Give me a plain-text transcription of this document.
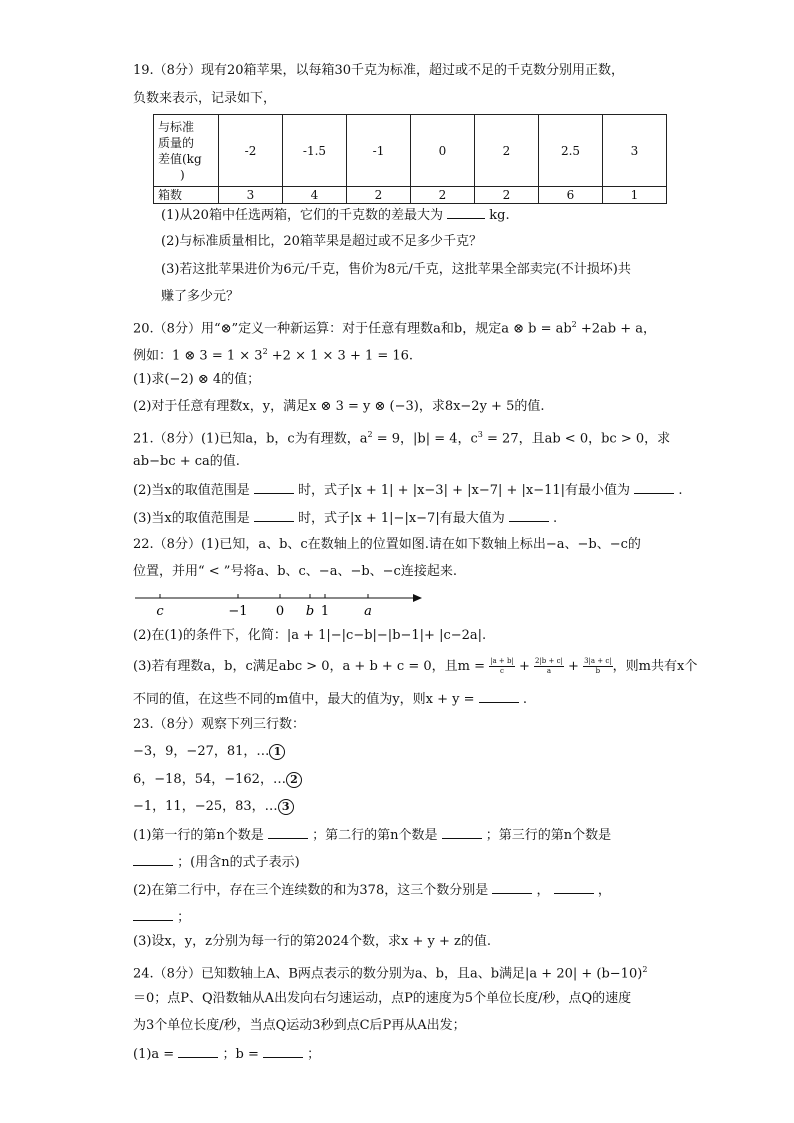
19.（8分）现有20箱苹果，以每箱30千克为标准，超过或不足的千克数分别用正数，
负数来表示，记录如下，
与标准
质量的
差值(kg
)	-2	-1.5	-1	0	2	2.5	3
箱数	3	4	2	2	2	6	1
(1)从20箱中任选两箱，它们的千克数的差最大为	kg.
(2)与标准质量相比，20箱苹果是超过或不足多少千克？
(3)若这批苹果进价为6元/千克，售价为8元/千克，这批苹果全部卖完(不计损坏)共
赚了多少元？
20.（8分）用“⊗”定义一种新运算：对于任意有理数a和b，规定a ⊗ $b = ab^2 +2ab + a$，
例如：1 ⊗ $3 = 1 \times 3^2 +2 \times 1 \times 3 + 1 = 16$.
(1)求(−2) ⊗ 4的值；
(2)对于任意有理数x，y，满足x ⊗ 3 = y ⊗ (−3)，求8x−2y + 5的值.
21.（8分）(1)已知a，b，c为有理数，$a^2 = 9$，|b| = 4，$c^3 = 27$，且ab < 0，bc > 0，求
ab−bc + ca的值.
(2)当x的取值范围是	时，式子|x + 1| + |x−3| + |x−7| + |x−11|有最小值为	.
(3)当x的取值范围是	时，式子|x + 1|−|x−7|有最大值为	.
22.（8分）(1)已知，a、b、c在数轴上的位置如图.请在如下数轴上标出−a、−b、−c的
位置，并用“ < ”号将a、b、c、−a、−b、−c连接起来.
c	−1 0 b 1	a
(2)在(1)的条件下，化简：|a + 1|−|c−b|−|b−1|+ |c−2a|.
(3)若有理数a，b，c满足abc > 0，a + b + c = 0，且$m = \frac{|a + b|}{c} + \frac{2|b + c|}{a} + \frac{3|a + c|}{b}$ ，则m共有x个
不同的值，在这些不同的m值中，最大的值为y，则x + y =	.
23.（8分）观察下列三行数：
−3，9，−27，81，… 1
6，−18，54，−162，… 2
−1，11，−25，83，… 3
(1)第一行的第n个数是	；第二行的第n个数是	；第三行的第n个数是
；(用含n的式子表示)
(2)在第二行中，存在三个连续数的和为378，这三个数分别是	，	，
；
(3)设x，y，z分别为每一行的第2024个数，求x + y + z的值.
24.（8分）已知数轴上A、B两点表示的数分别为a、b，且a、b满足$|a + 20| + (b-10)^2$
＝0；点P、Q沿数轴从A出发向右匀速运动，点P的速度为5个单位长度/秒，点Q的速度
为3个单位长度/秒，当点Q运动3秒到点C后P再从A出发；
(1)a =	；b =	；
